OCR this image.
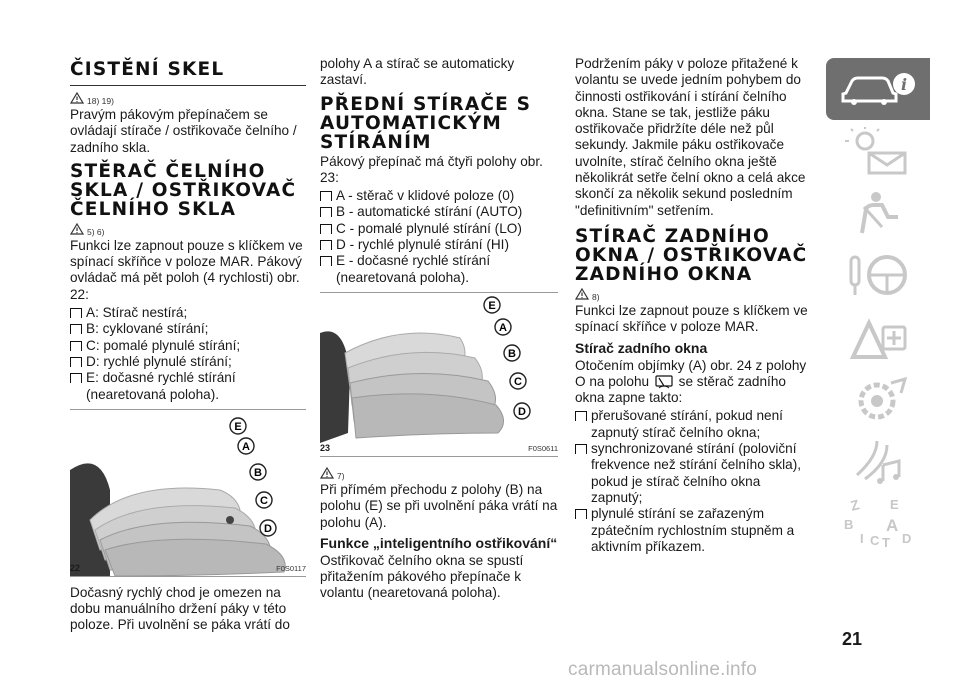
ČISTĚNÍ SKEL
18) 19)
Pravým pákovým přepínačem se ovládají stírače / ostřikovače čelního / zadního skla.
STĚRAČ ČELNÍHO SKLA / OSTŘIKOVAČ ČELNÍHO SKLA
5) 6)
Funkci lze zapnout pouze s klíčkem ve spínací skříňce v poloze MAR. Pákový ovládač má pět poloh (4 rychlosti) obr. 22:
A: Stírač nestírá;
B: cyklované stírání;
C: pomalé plynulé stírání;
D: rychlé plynulé stírání;
E: dočasné rychlé stírání (nearetovaná poloha).
E
A
B
C
D
22	F0S0117
Dočasný rychlý chod je omezen na dobu manuálního držení páky v této poloze. Při uvolnění se páka vrátí do
polohy A a stírač se automaticky zastaví.
PŘEDNÍ STÍRAČE S AUTOMATICKÝM STÍRÁNÍM
Pákový přepínač má čtyři polohy obr. 23:
A - stěrač v klidové poloze (0)
B - automatické stírání (AUTO)
C - pomalé plynulé stírání (LO)
D - rychlé plynulé stírání (HI)
E - dočasné rychlé stírání (nearetovaná poloha).
E
A
B
C
D
23	F0S0611
7)
Při přímém přechodu z polohy (B) na polohu (E) se při uvolnění páka vrátí na polohu (A).
Funkce „inteligentního ostřikování“
Ostřikovač čelního okna se spustí přitažením pákového přepínače k volantu (nearetovaná poloha).
Podržením páky v poloze přitažené k volantu se uvede jedním pohybem do činnosti ostřikování i stírání čelního okna. Stane se tak, jestliže páku ostřikovače přidržíte déle než půl sekundy. Jakmile páku ostřikovače uvolníte, stírač čelního okna ještě několikrát setře čelní okno a celá akce skončí za několik sekund posledním "definitivním" setřením.
STÍRAČ ZADNÍHO OKNA / OSTŘIKOVAČ ZADNÍHO OKNA
8)
Funkci lze zapnout pouze s klíčkem ve spínací skříňce v poloze MAR.
Stírač zadního okna
Otočením objímky (A) obr. 24 z polohy O na polohu se stěrač zadního okna zapne takto:
přerušované stírání, pokud není zapnutý stírač čelního okna;
synchronizované stírání (poloviční frekvence než stírání čelního skla), pokud je stírač čelního okna zapnutý;
plynulé stírání se zařazeným zpátečním rychlostním stupněm a aktivním příkazem.
i
Z E
B A
I C T D
21
carmanualsonline.info
